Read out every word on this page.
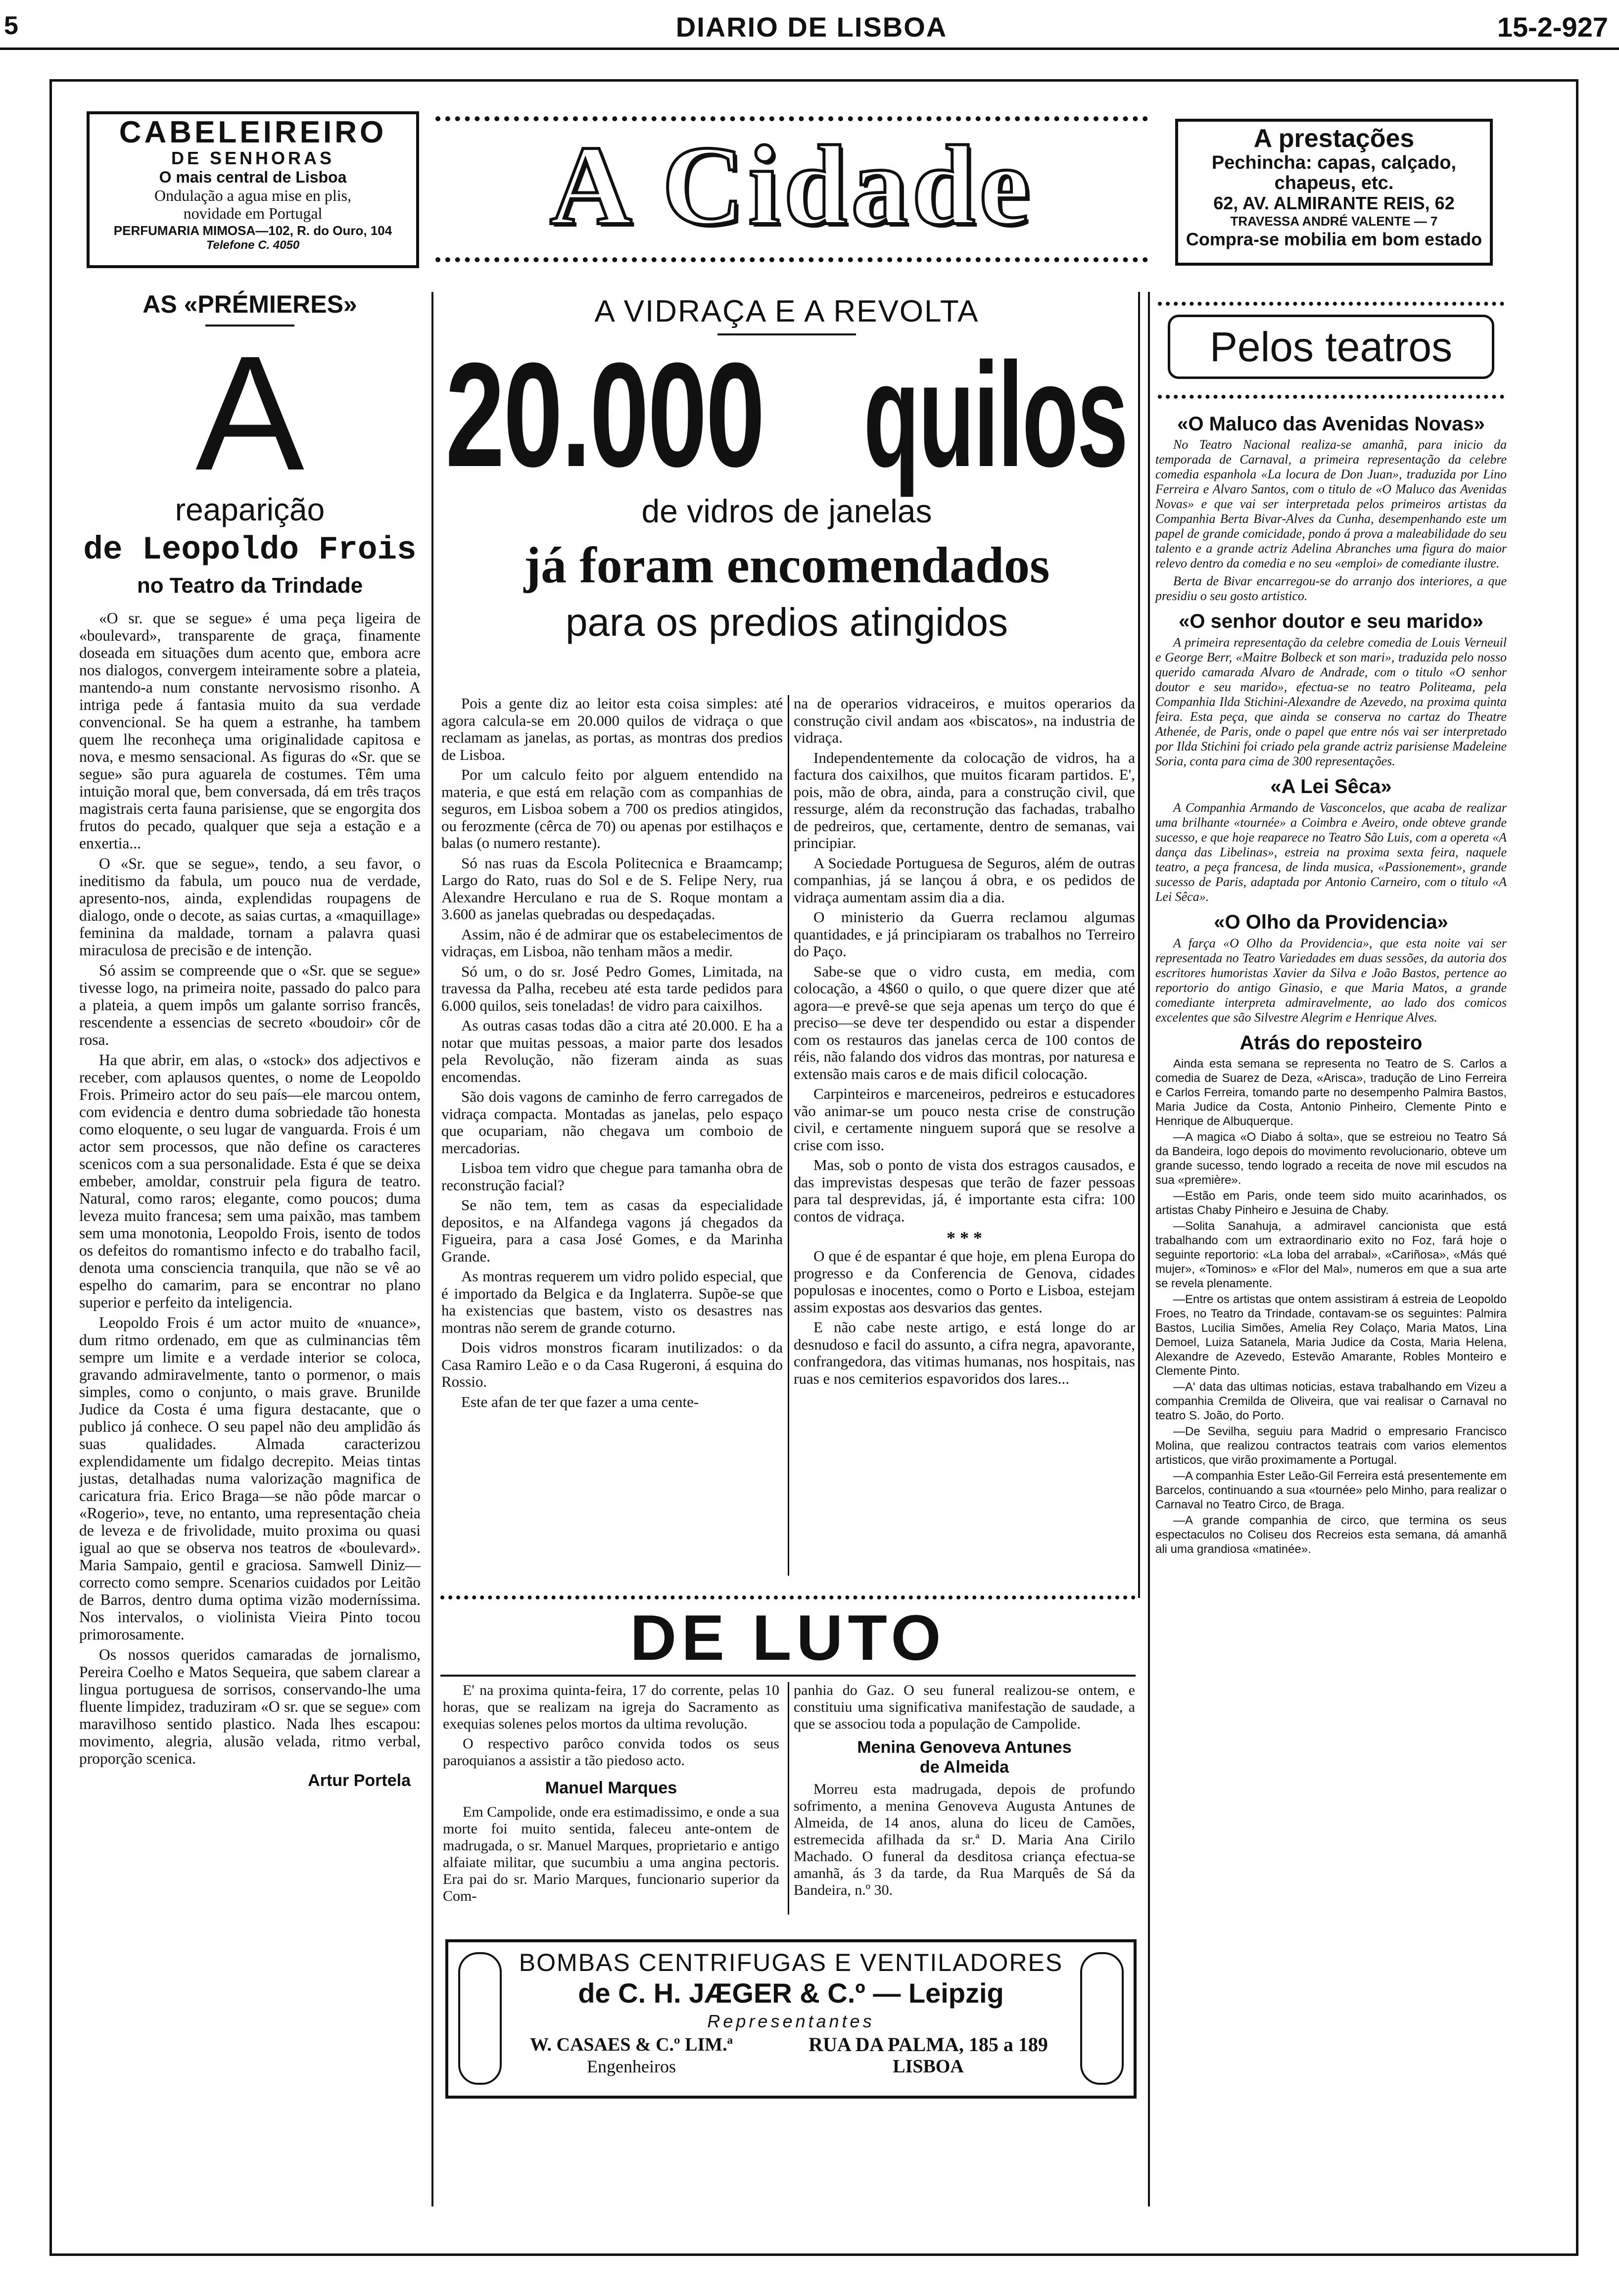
5	DIARIO DE LISBOA	15-2-927
CABELEIREIRO
DE SENHORAS
O mais central de Lisboa
Ondulação a agua mise en plis,
novidade em Portugal
PERFUMARIA MIMOSA—102, R. do Ouro, 104
Telefone C. 4050	A Cidade	A prestações
Pechincha: capas, calçado,
chapeus, etc.
62, AV. ALMIRANTE REIS, 62
TRAVESSA ANDRÉ VALENTE — 7
Compra-se mobilia em bom estado
AS «PRÉMIERES»
A
reaparição
de Leopoldo Frois
no Teatro da Trindade

«O sr. que se segue» é uma peça ligeira de «boulevard», transparente de graça, finamente doseada em situações dum acento que, embora acre nos dialogos, convergem inteiramente sobre a plateia, mantendo-a num constante nervosismo risonho. A intriga pede á fantasia muito da sua verdade convencional. Se ha quem a estranhe, ha tambem quem lhe reconheça uma originalidade capitosa e nova, e mesmo sensacional. As figuras do «Sr. que se segue» são pura aguarela de costumes. Têm uma intuição moral que, bem conversada, dá em três traços magistrais certa fauna parisiense, que se engorgita dos frutos do pecado, qualquer que seja a estação e a enxertia...

O «Sr. que se segue», tendo, a seu favor, o ineditismo da fabula, um pouco nua de verdade, apresento-nos, ainda, explendidas roupagens de dialogo, onde o decote, as saias curtas, a «maquillage» feminina da maldade, tornam a palavra quasi miraculosa de precisão e de intenção.

Só assim se compreende que o «Sr. que se segue» tivesse logo, na primeira noite, passado do palco para a plateia, a quem impôs um galante sorriso francês, rescendente a essencias de secreto «boudoir» côr de rosa.

Ha que abrir, em alas, o «stock» dos adjectivos e receber, com aplausos quentes, o nome de Leopoldo Frois. Primeiro actor do seu país—ele marcou ontem, com evidencia e dentro duma sobriedade tão honesta como eloquente, o seu lugar de vanguarda. Frois é um actor sem processos, que não define os caracteres scenicos com a sua personalidade. Esta é que se deixa embeber, amoldar, construir pela figura de teatro. Natural, como raros; elegante, como poucos; duma leveza muito francesa; sem uma paixão, mas tambem sem uma monotonia, Leopoldo Frois, isento de todos os defeitos do romantismo infecto e do trabalho facil, denota uma consciencia tranquila, que não se vê ao espelho do camarim, para se encontrar no plano superior e perfeito da inteligencia.

Leopoldo Frois é um actor muito de «nuance», dum ritmo ordenado, em que as culminancias têm sempre um limite e a verdade interior se coloca, gravando admiravelmente, tanto o pormenor, o mais simples, como o conjunto, o mais grave. Brunilde Judice da Costa é uma figura destacante, que o publico já conhece. O seu papel não deu amplidão ás suas qualidades. Almada caracterizou explendidamente um fidalgo decrepito. Meias tintas justas, detalhadas numa valorização magnifica de caricatura fria. Erico Braga—se não pôde marcar o «Rogerio», teve, no entanto, uma representação cheia de leveza e de frivolidade, muito proxima ou quasi igual ao que se observa nos teatros de «boulevard». Maria Sampaio, gentil e graciosa. Samwell Diniz—correcto como sempre. Scenarios cuidados por Leitão de Barros, dentro duma optima vizão moderníssima. Nos intervalos, o violinista Vieira Pinto tocou primorosamente.

Os nossos queridos camaradas de jornalismo, Pereira Coelho e Matos Sequeira, que sabem clarear a lingua portuguesa de sorrisos, conservando-lhe uma fluente limpidez, traduziram «O sr. que se segue» com maravilhoso sentido plastico. Nada lhes escapou: movimento, alegria, alusão velada, ritmo verbal, proporção scenica.

Artur Portela
A VIDRAÇA E A REVOLTA
20.000 quilos
de vidros de janelas
já foram encomendados
para os predios atingidos

Pois a gente diz ao leitor esta coisa simples: até agora calcula-se em 20.000 quilos de vidraça o que reclamam as janelas, as portas, as montras dos predios de Lisboa.

Por um calculo feito por alguem entendido na materia, e que está em relação com as companhias de seguros, em Lisboa sobem a 700 os predios atingidos, ou ferozmente (cêrca de 70) ou apenas por estilhaços e balas (o numero restante).

Só nas ruas da Escola Politecnica e Braamcamp; Largo do Rato, ruas do Sol e de S. Felipe Nery, rua Alexandre Herculano e rua de S. Roque montam a 3.600 as janelas quebradas ou despedaçadas.

Assim, não é de admirar que os estabelecimentos de vidraças, em Lisboa, não tenham mãos a medir.

Só um, o do sr. José Pedro Gomes, Limitada, na travessa da Palha, recebeu até esta tarde pedidos para 6.000 quilos, seis toneladas! de vidro para caixilhos.

As outras casas todas dão a citra até 20.000. E ha a notar que muitas pessoas, a maior parte dos lesados pela Revolução, não fizeram ainda as suas encomendas.

São dois vagons de caminho de ferro carregados de vidraça compacta. Montadas as janelas, pelo espaço que ocupariam, não chegava um comboio de mercadorias.

Lisboa tem vidro que chegue para tamanha obra de reconstrução facial?

Se não tem, tem as casas da especialidade depositos, e na Alfandega vagons já chegados da Figueira, para a casa José Gomes, e da Marinha Grande.

As montras requerem um vidro polido especial, que é importado da Belgica e da Inglaterra. Supõe-se que ha existencias que bastem, visto os desastres nas montras não serem de grande coturno.

Dois vidros monstros ficaram inutilizados: o da Casa Ramiro Leão e o da Casa Rugeroni, á esquina do Rossio.

Este afan de ter que fazer a uma cente-

na de operarios vidraceiros, e muitos operarios da construção civil andam aos «biscatos», na industria de vidraça.

Independentemente da colocação de vidros, ha a factura dos caixilhos, que muitos ficaram partidos. E', pois, mão de obra, ainda, para a construção civil, que ressurge, além da reconstrução das fachadas, trabalho de pedreiros, que, certamente, dentro de semanas, vai principiar.

A Sociedade Portuguesa de Seguros, além de outras companhias, já se lançou á obra, e os pedidos de vidraça aumentam assim dia a dia.

O ministerio da Guerra reclamou algumas quantidades, e já principiaram os trabalhos no Terreiro do Paço.

Sabe-se que o vidro custa, em media, com colocação, a 4$60 o quilo, o que quere dizer que até agora—e prevê-se que seja apenas um terço do que é preciso—se deve ter despendido ou estar a dispender com os restauros das janelas cerca de 100 contos de réis, não falando dos vidros das montras, por naturesa e extensão mais caros e de mais dificil colocação.

Carpinteiros e marceneiros, pedreiros e estucadores vão animar-se um pouco nesta crise de construção civil, e certamente ninguem suporá que se resolve a crise com isso.

Mas, sob o ponto de vista dos estragos causados, e das imprevistas despesas que terão de fazer pessoas para tal desprevidas, já, é importante esta cifra: 100 contos de vidraça.

* * *

O que é de espantar é que hoje, em plena Europa do progresso e da Conferencia de Genova, cidades populosas e inocentes, como o Porto e Lisboa, estejam assim expostas aos desvarios das gentes.

E não cabe neste artigo, e está longe do ar desnudoso e facil do assunto, a cifra negra, apavorante, confrangedora, das vitimas humanas, nos hospitais, nas ruas e nos cemiterios espavoridos dos lares...

DE LUTO

E' na proxima quinta-feira, 17 do corrente, pelas 10 horas, que se realizam na igreja do Sacramento as exequias solenes pelos mortos da ultima revolução.

O respectivo parôco convida todos os seus paroquianos a assistir a tão piedoso acto.

Manuel Marques

Em Campolide, onde era estimadissimo, e onde a sua morte foi muito sentida, faleceu ante-ontem de madrugada, o sr. Manuel Marques, proprietario e antigo alfaiate militar, que sucumbiu a uma angina pectoris. Era pai do sr. Mario Marques, funcionario superior da Com-

panhia do Gaz. O seu funeral realizou-se ontem, e constituiu uma significativa manifestação de saudade, a que se associou toda a população de Campolide.

Menina Genoveva Antunes
de Almeida

Morreu esta madrugada, depois de profundo sofrimento, a menina Genoveva Augusta Antunes de Almeida, de 14 anos, aluna do liceu de Camões, estremecida afilhada da sr.ª D. Maria Ana Cirilo Machado. O funeral da desditosa criança efectua-se amanhã, ás 3 da tarde, da Rua Marquês de Sá da Bandeira, n.º 30.

BOMBAS CENTRIFUGAS E VENTILADORES
de C. H. JÆGER & C.º — Leipzig
Representantes
W. CASAES & C.º LIM.ª
Engenheiros
RUA DA PALMA, 185 a 189
LISBOA
Pelos teatros
«O Maluco das Avenidas Novas»

No Teatro Nacional realiza-se amanhã, para inicio da temporada de Carnaval, a primeira representação da celebre comedia espanhola «La locura de Don Juan», traduzida por Lino Ferreira e Alvaro Santos, com o titulo de «O Maluco das Avenidas Novas» e que vai ser interpretada pelos primeiros artistas da Companhia Berta Bivar-Alves da Cunha, desempenhando este um papel de grande comicidade, pondo á prova a maleabilidade do seu talento e a grande actriz Adelina Abranches uma figura do maior relevo dentro da comedia e no seu «emploi» de comediante ilustre.

Berta de Bivar encarregou-se do arranjo dos interiores, a que presidiu o seu gosto artistico.

«O senhor doutor e seu marido»

A primeira representação da celebre comedia de Louis Verneuil e George Berr, «Maitre Bolbeck et son mari», traduzida pelo nosso querido camarada Alvaro de Andrade, com o titulo «O senhor doutor e seu marido», efectua-se no teatro Politeama, pela Companhia Ilda Stichini-Alexandre de Azevedo, na proxima quinta feira. Esta peça, que ainda se conserva no cartaz do Theatre Athenée, de Paris, onde o papel que entre nós vai ser interpretado por Ilda Stichini foi criado pela grande actriz parisiense Madeleine Soria, conta para cima de 300 representações.

«A Lei Sêca»

A Companhia Armando de Vasconcelos, que acaba de realizar uma brilhante «tournée» a Coimbra e Aveiro, onde obteve grande sucesso, e que hoje reaparece no Teatro São Luis, com a opereta «A dança das Libelinas», estreia na proxima sexta feira, naquele teatro, a peça francesa, de linda musica, «Passionement», grande sucesso de Paris, adaptada por Antonio Carneiro, com o titulo «A Lei Sêca».

«O Olho da Providencia»

A farça «O Olho da Providencia», que esta noite vai ser representada no Teatro Variedades em duas sessões, da autoria dos escritores humoristas Xavier da Silva e João Bastos, pertence ao reportorio do antigo Ginasio, e que Maria Matos, a grande comediante interpreta admiravelmente, ao lado dos comicos excelentes que são Silvestre Alegrim e Henrique Alves.

Atrás do reposteiro

Ainda esta semana se representa no Teatro de S. Carlos a comedia de Suarez de Deza, «Arisca», tradução de Lino Ferreira e Carlos Ferreira, tomando parte no desempenho Palmira Bastos, Maria Judice da Costa, Antonio Pinheiro, Clemente Pinto e Henrique de Albuquerque.

—A magica «O Diabo á solta», que se estreiou no Teatro Sá da Bandeira, logo depois do movimento revolucionario, obteve um grande sucesso, tendo logrado a receita de nove mil escudos na sua «première».

—Estão em Paris, onde teem sido muito acarinhados, os artistas Chaby Pinheiro e Jesuina de Chaby.

—Solita Sanahuja, a admiravel cancionista que está trabalhando com um extraordinario exito no Foz, fará hoje o seguinte reportorio: «La loba del arrabal», «Cariñosa», «Más qué mujer», «Tominos» e «Flor del Mal», numeros em que a sua arte se revela plenamente.

—Entre os artistas que ontem assistiram á estreia de Leopoldo Froes, no Teatro da Trindade, contavam-se os seguintes: Palmira Bastos, Lucilia Simões, Amelia Rey Colaço, Maria Matos, Lina Demoel, Luiza Satanela, Maria Judice da Costa, Maria Helena, Alexandre de Azevedo, Estevão Amarante, Robles Monteiro e Clemente Pinto.

—A' data das ultimas noticias, estava trabalhando em Vizeu a companhia Cremilda de Oliveira, que vai realisar o Carnaval no teatro S. João, do Porto.

—De Sevilha, seguiu para Madrid o empresario Francisco Molina, que realizou contractos teatrais com varios elementos artisticos, que virão proximamente a Portugal.

—A companhia Ester Leão-Gil Ferreira está presentemente em Barcelos, continuando a sua «tournée» pelo Minho, para realizar o Carnaval no Teatro Circo, de Braga.

—A grande companhia de circo, que termina os seus espectaculos no Coliseu dos Recreios esta semana, dá amanhã ali uma grandiosa «matinée».
